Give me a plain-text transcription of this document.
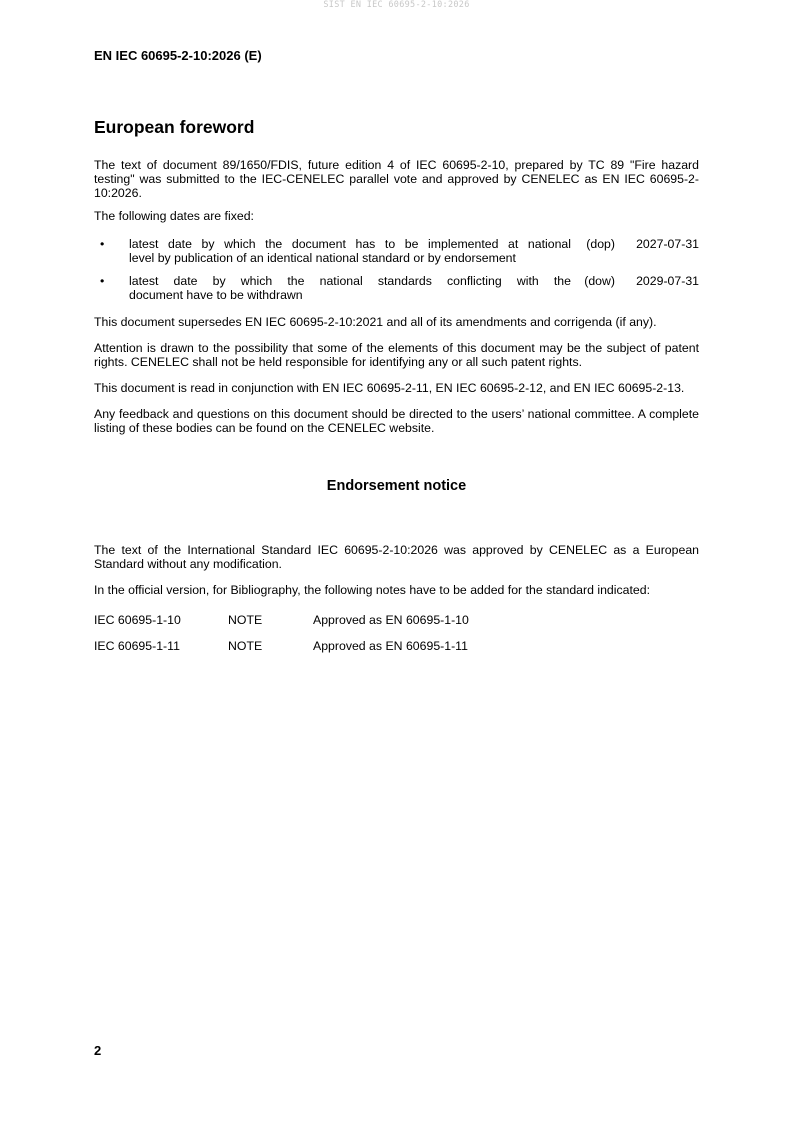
SIST EN IEC 60695-2-10:2026
EN IEC 60695-2-10:2026 (E)
European foreword

The text of document 89/1650/FDIS, future edition 4 of IEC 60695-2-10, prepared by TC 89 "Fire hazard testing" was submitted to the IEC-CENELEC parallel vote and approved by CENELEC as EN IEC 60695-2-10:2026.

The following dates are fixed:

•	latest date by which the document has to be implemented at national
level by publication of an identical national standard or by endorsement
(dop)	2027-07-31
•	latest date by which the national standards conflicting with the
document have to be withdrawn
(dow)	2029-07-31

This document supersedes EN IEC 60695-2-10:2021 and all of its amendments and corrigenda (if any).

Attention is drawn to the possibility that some of the elements of this document may be the subject of patent rights. CENELEC shall not be held responsible for identifying any or all such patent rights.

This document is read in conjunction with EN IEC 60695-2-11, EN IEC 60695-2-12, and EN IEC 60695-2-13.

Any feedback and questions on this document should be directed to the users’ national committee. A complete listing of these bodies can be found on the CENELEC website.

Endorsement notice

The text of the International Standard IEC 60695-2-10:2026 was approved by CENELEC as a European Standard without any modification.

In the official version, for Bibliography, the following notes have to be added for the standard indicated:

IEC 60695-1-10	NOTE	Approved as EN 60695-1-10
IEC 60695-1-11	NOTE	Approved as EN 60695-1-11
2
